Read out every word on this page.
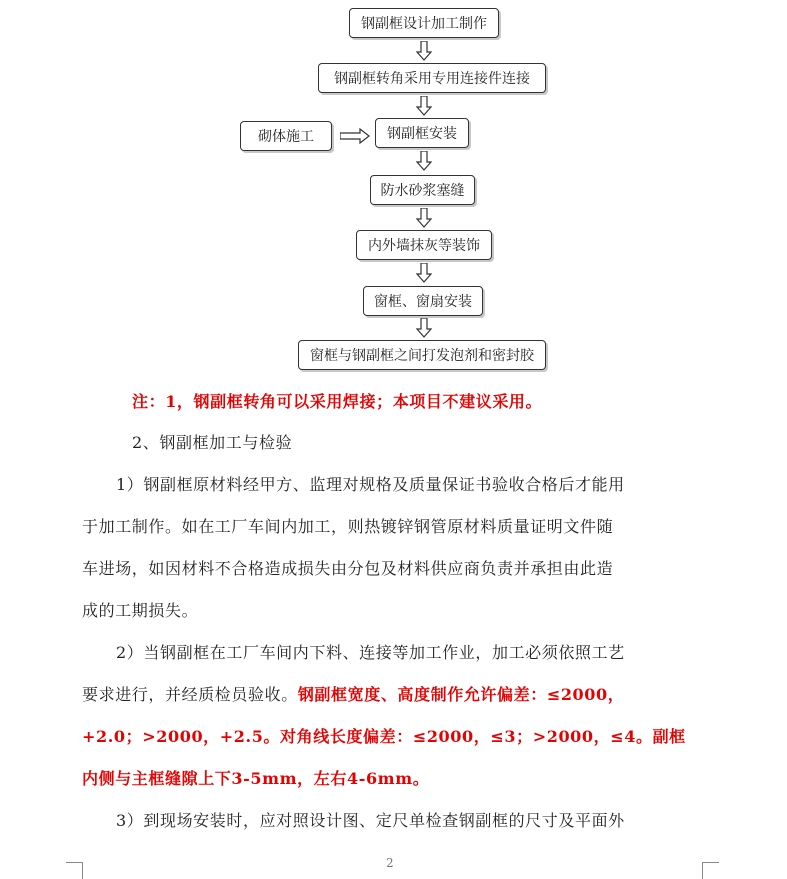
钢副框设计加工制作
钢副框转角采用专用连接件连接
砌体施工	钢副框安装
防水砂浆塞缝
内外墙抹灰等装饰
窗框、窗扇安装
窗框与钢副框之间打发泡剂和密封胶
注：1，钢副框转角可以采用焊接；本项目不建议采用。
2、钢副框加工与检验
1）钢副框原材料经甲方、监理对规格及质量保证书验收合格后才能用
于加工制作。如在工厂车间内加工，则热镀锌钢管原材料质量证明文件随
车进场，如因材料不合格造成损失由分包及材料供应商负责并承担由此造
成的工期损失。
2）当钢副框在工厂车间内下料、连接等加工作业，加工必须依照工艺
要求进行，并经质检员验收。钢副框宽度、高度制作允许偏差：≤2000，
+2.0；>2000，+2.5。对角线长度偏差：≤2000，≤3；>2000，≤4。副框
内侧与主框缝隙上下3-5mm，左右4-6mm。
3）到现场安装时，应对照设计图、定尺单检查钢副框的尺寸及平面外
2
